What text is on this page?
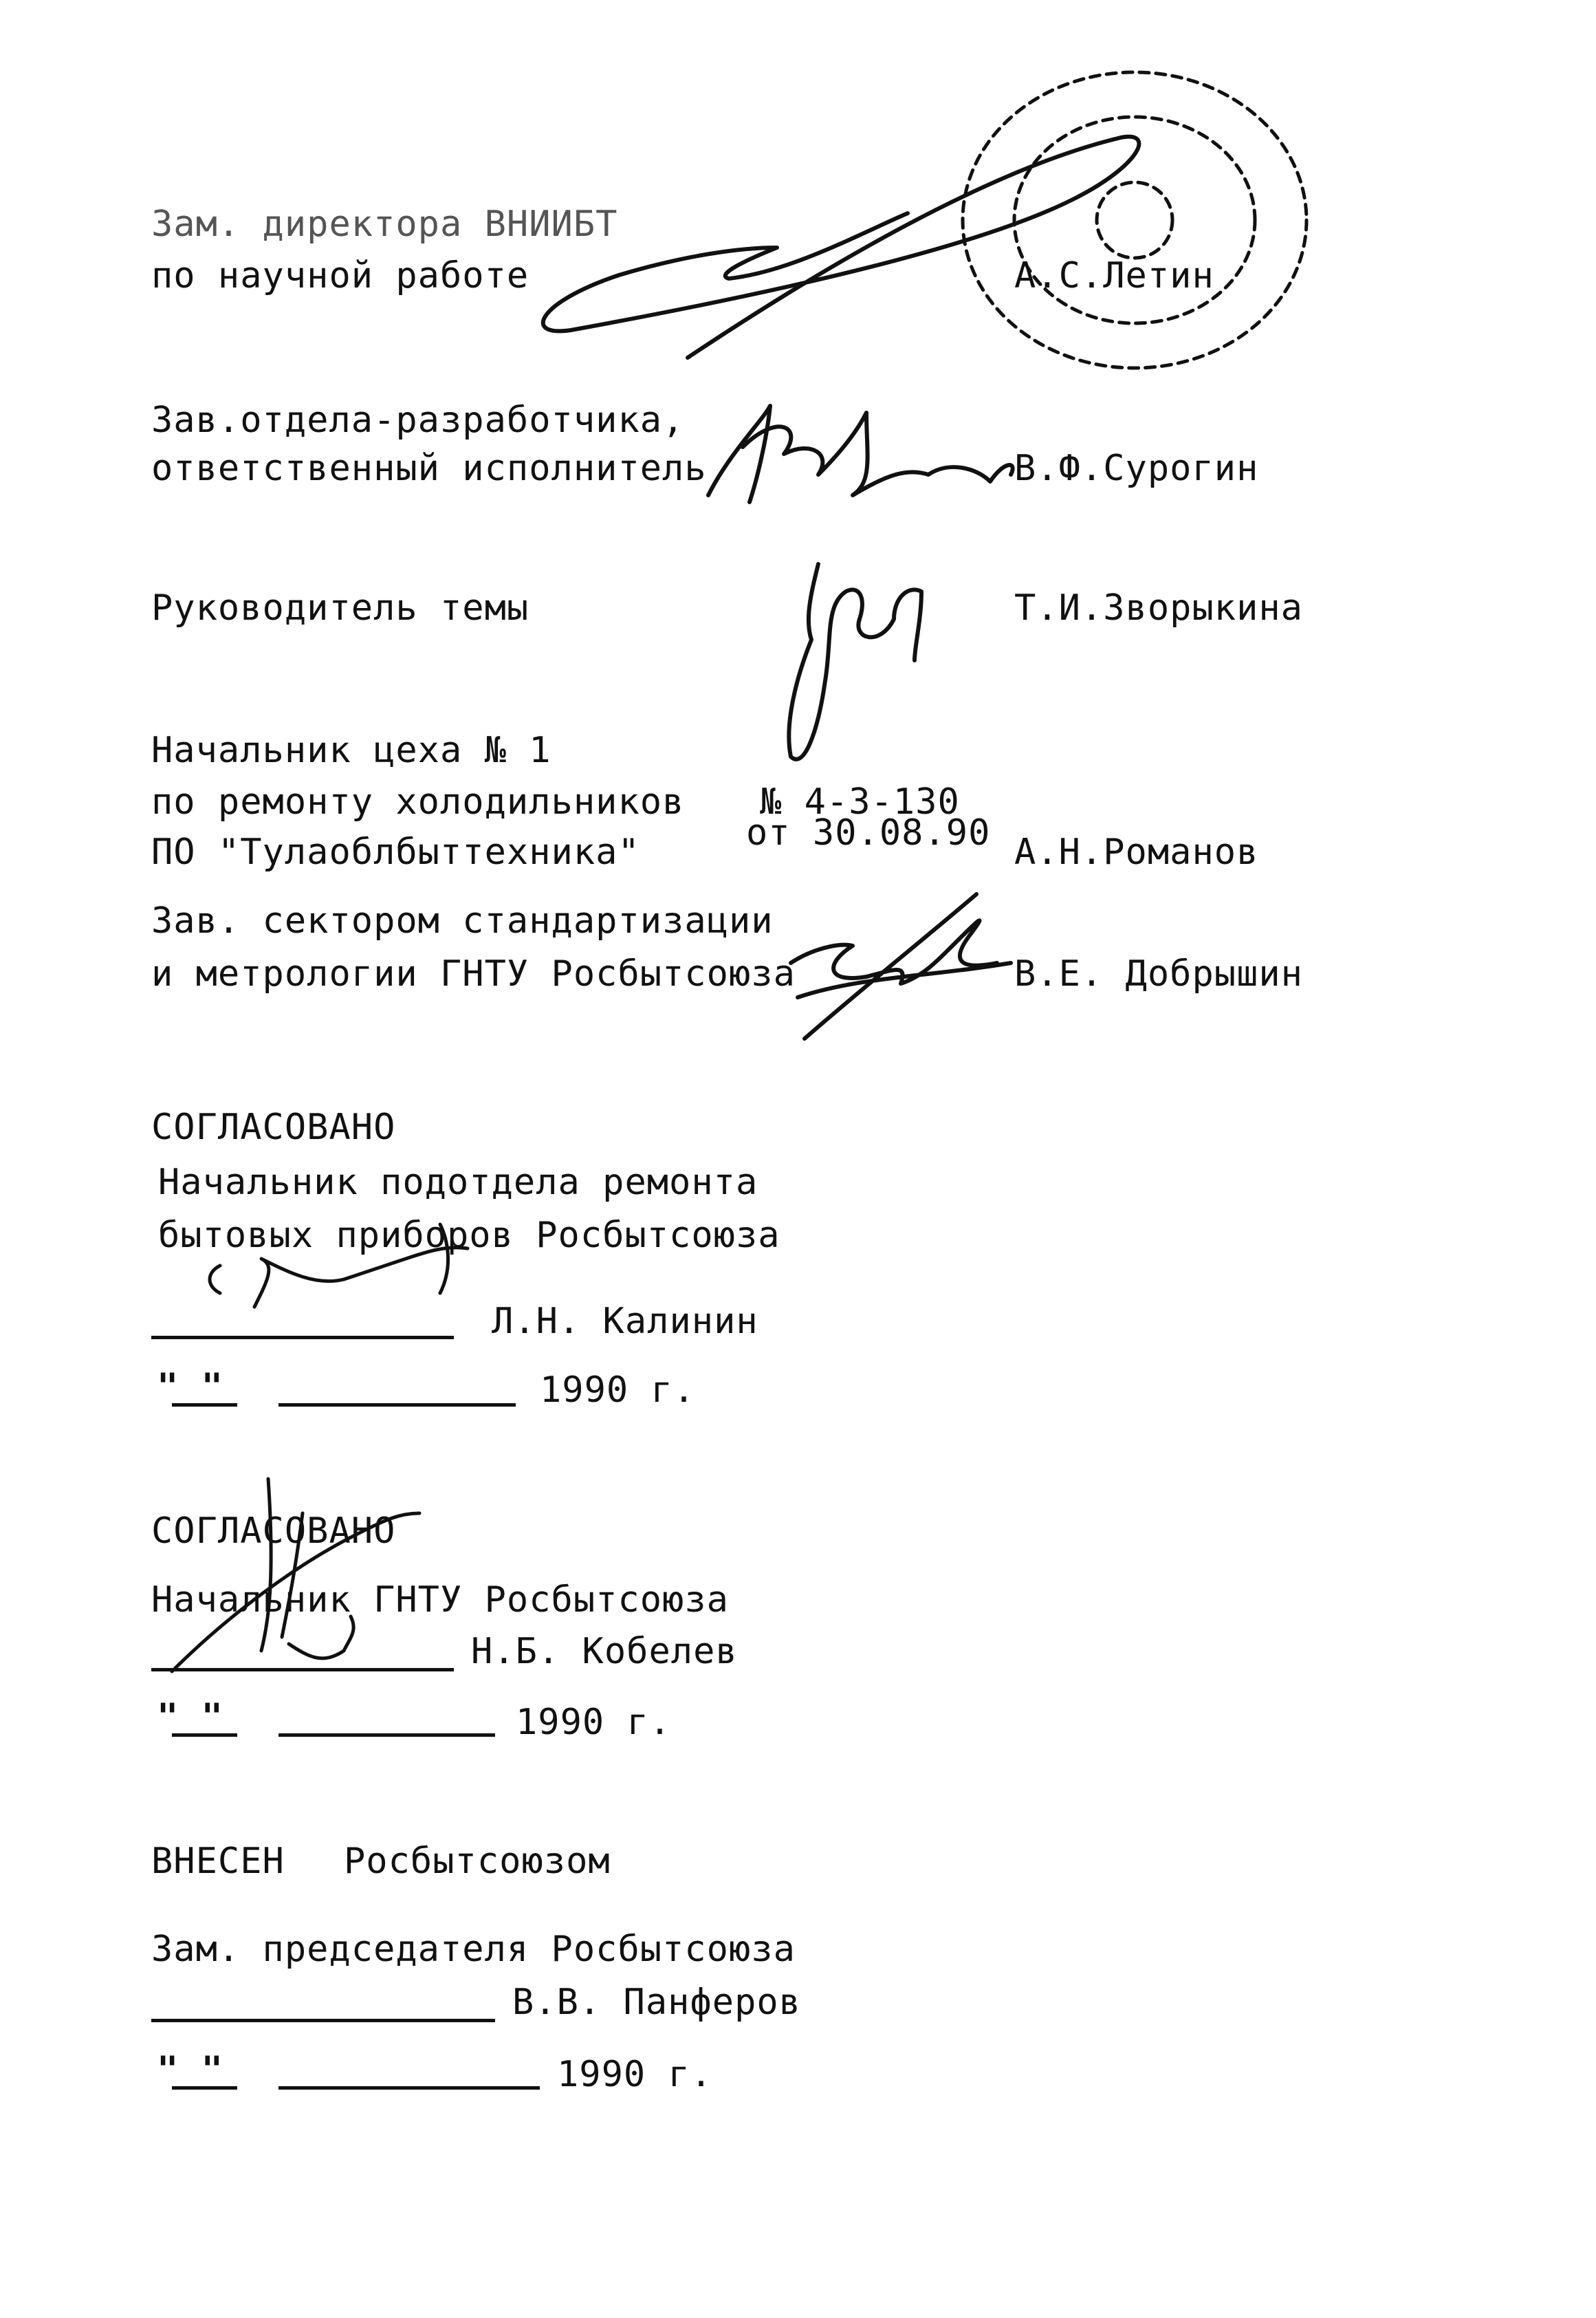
Зам. директора ВНИИБТ
по научной работе	А.С.Летин
Зав.отдела-разработчика,
ответственный исполнитель	В.Ф.Сурогин
Руководитель темы	Т.И.Зворыкина
Начальник цеха № 1
по ремонту холодильников
ПО "Тулаоблбыттехника"
№ 4-3-130
от 30.08.90 А.Н.Романов
Зав. сектором стандартизации
и метрологии ГНТУ Росбытсоюза	В.Е. Добрышин
СОГЛАСОВАНО
Начальник подотдела ремонта
бытовых приборов Росбытсоюза
Л.Н. Калинин
" "	1990 г.
СОГЛАСОВАНО
Начальник ГНТУ Росбытсоюза
Н.Б. Кобелев
" "	1990 г.
ВНЕСЕН Росбытсоюзом
Зам. председателя Росбытсоюза
В.В. Панферов
" "	1990 г.
